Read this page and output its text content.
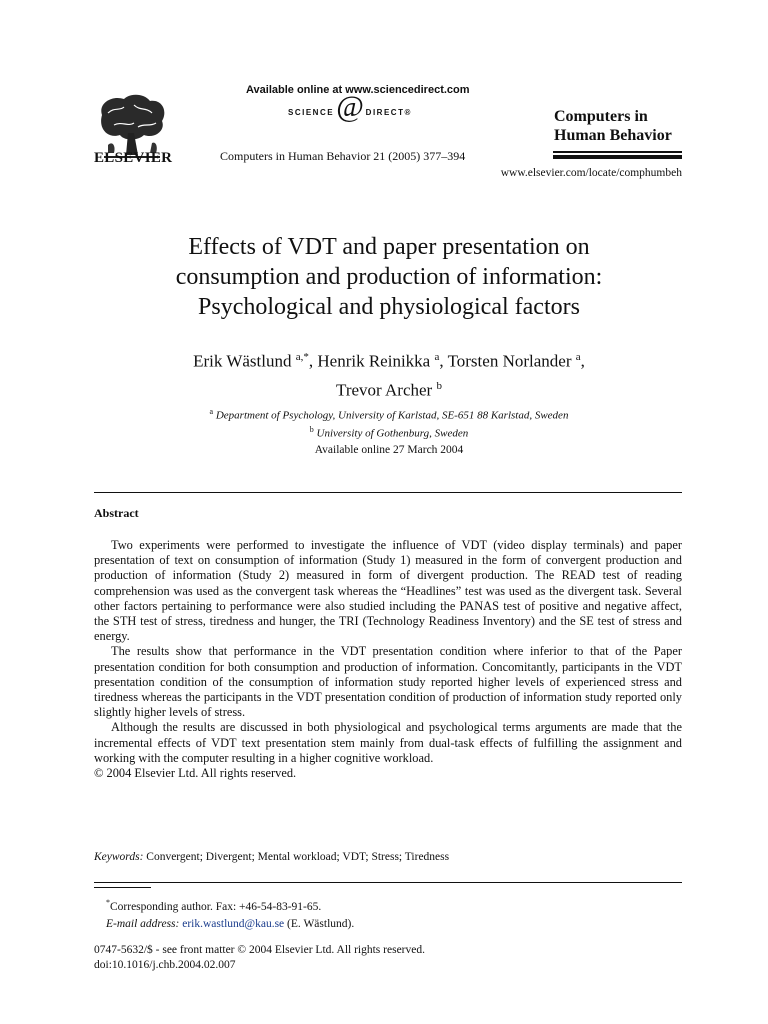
ELSEVIER
Available online at www.sciencedirect.com
SCIENCE @ DIRECT®
Computers in Human Behavior 21 (2005) 377–394
Computers in
Human Behavior
www.elsevier.com/locate/comphumbeh
Effects of VDT and paper presentation on
consumption and production of information:
Psychological and physiological factors
Erik Wästlund $^{a,*}$, Henrik Reinikka $^a$, Torsten Norlander $^a$,
Trevor Archer $^b$
$^a$ Department of Psychology, University of Karlstad, SE-651 88 Karlstad, Sweden
$^b$ University of Gothenburg, Sweden
Available online 27 March 2004
Abstract

Two experiments were performed to investigate the influence of VDT (video display terminals) and paper presentation of text on consumption of information (Study 1) measured in the form of convergent production and production of information (Study 2) measured in form of divergent production. The READ test of reading comprehension was used as the convergent task whereas the “Headlines” test was used as the divergent task. Several other factors pertaining to performance were also studied including the PANAS test of positive and negative affect, the STH test of stress, tiredness and hunger, the TRI (Technology Readiness Inventory) and the SE test of stress and energy.

The results show that performance in the VDT presentation condition where inferior to that of the Paper presentation condition for both consumption and production of information. Concomitantly, participants in the VDT presentation condition of the consumption of information study reported higher levels of experienced stress and tiredness whereas the participants in the VDT presentation condition of production of information study reported only slightly higher levels of stress.

Although the results are discussed in both physiological and psychological terms arguments are made that the incremental effects of VDT text presentation stem mainly from dual-task effects of fulfilling the assignment and working with the computer resulting in a higher cognitive workload.

© 2004 Elsevier Ltd. All rights reserved.

Keywords: Convergent; Divergent; Mental workload; VDT; Stress; Tiredness
*Corresponding author. Fax: +46-54-83-91-65.
E-mail address: erik.wastlund@kau.se (E. Wästlund).
0747-5632/$ - see front matter © 2004 Elsevier Ltd. All rights reserved.
doi:10.1016/j.chb.2004.02.007
